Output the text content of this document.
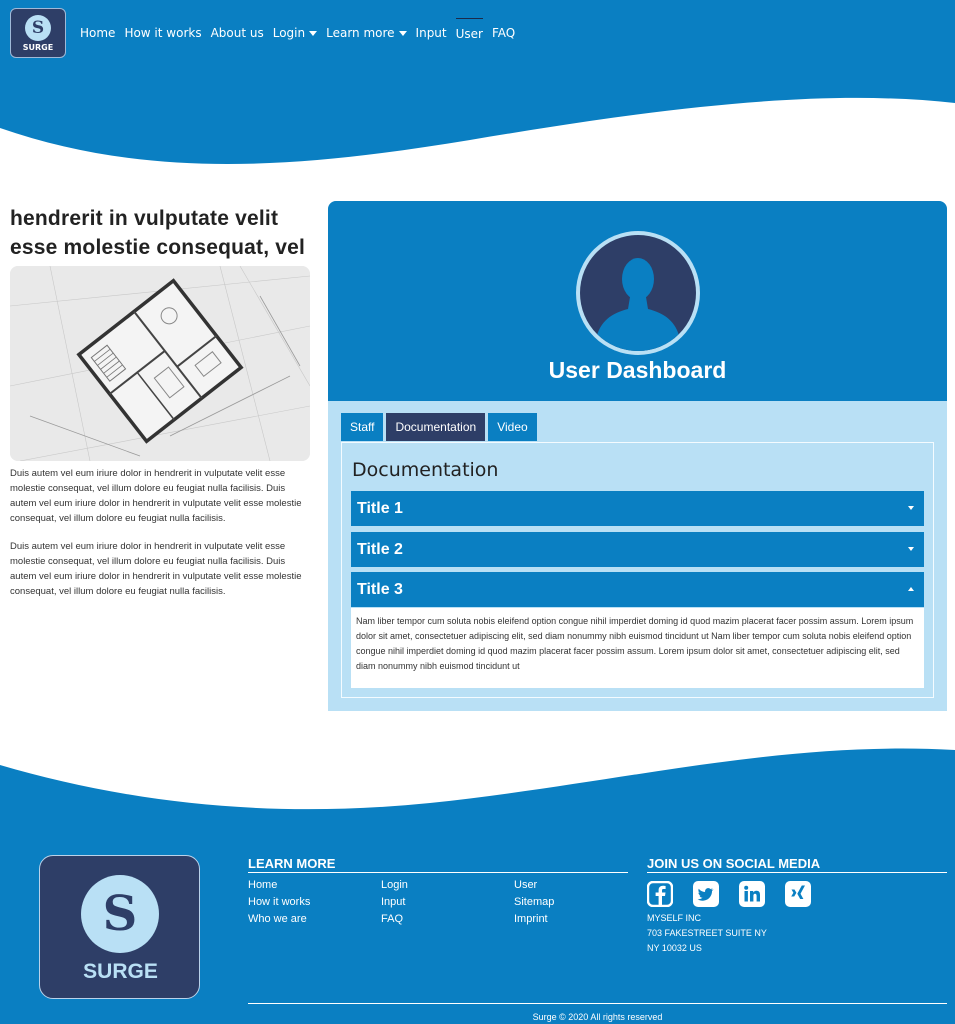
S
SURGE
Home How it works About us Login Learn more Input User FAQ
hendrerit in vulputate velit esse molestie consequat, vel

Duis autem vel eum iriure dolor in hendrerit in vulputate velit esse molestie consequat, vel illum dolore eu feugiat nulla facilisis. Duis autem vel eum iriure dolor in hendrerit in vulputate velit esse molestie consequat, vel illum dolore eu feugiat nulla facilisis.

Duis autem vel eum iriure dolor in hendrerit in vulputate velit esse molestie consequat, vel illum dolore eu feugiat nulla facilisis. Duis autem vel eum iriure dolor in hendrerit in vulputate velit esse molestie consequat, vel illum dolore eu feugiat nulla facilisis.

User Dashboard
Staff	Documentation	Video
Documentation
Title 1
Title 2
Title 3
Nam liber tempor cum soluta nobis eleifend option congue nihil imperdiet doming id quod mazim placerat facer possim assum. Lorem ipsum dolor sit amet, consectetuer adipiscing elit, sed diam nonummy nibh euismod tincidunt ut Nam liber tempor cum soluta nobis eleifend option congue nihil imperdiet doming id quod mazim placerat facer possim assum. Lorem ipsum dolor sit amet, consectetuer adipiscing elit, sed diam nonummy nibh euismod tincidunt ut
S
SURGE
LEARN MORE
Home	Login	User
How it works	Input	Sitemap
Who we are	FAQ	Imprint
JOIN US ON SOCIAL MEDIA
MYSELF INC
703 FAKESTREET SUITE NY
NY 10032 US
Surge © 2020 All rights reserved
